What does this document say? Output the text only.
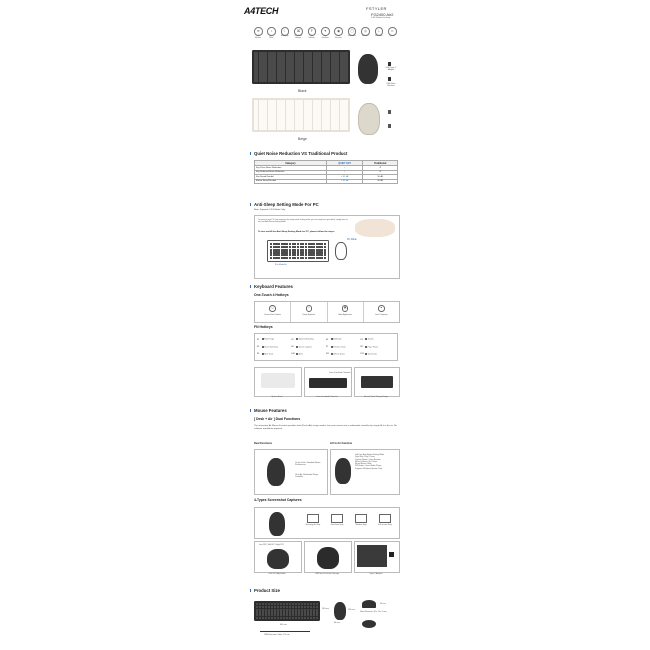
A4TECH	FSTYLER
FG2400 Air2
2.4G Wireless Desktop
≋
2.4G Wireless
♪
Quiet Noise
☾
Anti-Sleep
⌘
One-Touch Hotkeys
F
FN Hotkeys
✦
Laser Inscribed
◉
Dual Functions
▢
Screenshot
◎
2000 DPI
⏚
USB Nano
⊂
Type-C
USB Type-C Adapter
USB Nano Receiver
Black
Beige
Quiet Noise Reduction VS Traditional Product
Category	QUIET KEY	Traditional
Key Press Noise Reduction	✓	✗
Key Rebound Noise Reduction	✓	✗
Key Sound Decibel	< 41 dB	50 dB
Button Sound Decibel	< 41 dB	50 dB
Anti-Sleep Setting Mode For PC
Note: Supports 2.4G Mode Only
To prevent your PC from entering the sleep mode setting while you are away from your desk, simply turn on our new Anti-Sleep Setting Mode
To turn on/off the Anti-Sleep Setting Mode for PC, please follow the steps:
Pin Mode
Pin Mode/In
Keyboard Features
One-Touch 4 Hotkeys
▢
Screenshot Options
☺
Emoji Symbols
▣
Hide Application
🔒︎
Lock Computer
FN Hotkeys
F1	Home Page	F2	System Switching	F3	Bookmark	F4	Search
F5	Touch Switching	F6	Screen Capture	F7	Previous Track	F8	Play / Pause
F9	Next Track	F10 Mute	F11 Volume Down	F12 Volume Up
Laser Inscribed Character
Spacer Keep	Laser Inscribed Character	4-Level Quick Saving Design
Mouse Features
[ Desk + Air ] Dual Functions
The innovative Air Mouse Function provides dual (Desk+Air) usage modes, turn your mouse into a multimedia controller by simply lift it in the air. No software installation required.
Dual Functions	Lift In Air Function
On the Desk: Standard Mouse Performance
Lift in Air: Multimedia Player Controller
Left Key: Anti-Motion Setting Mode
Right Key: Play / Pause
Capture Button: Open Browser
Wheel: Volume Up / Down
Wheel Button: Mute
DPI Button: Open Media Player
Supports Windows System Only
4-Types Screenshot Captures
Rectangular Snip	Free-form Snip	Window Snip	Full-screen Snip
Low DPI / Mid DPI / High DPI
2000 DPI Adjustable	USB Nano Receiver Storage	Type-C Adapter
Product Size
145 mm
441 mm
USB Extension Cable: 150 cm
105 mm
64 mm
39 mm
Nano Receiver: 18 x 14 x 5 mm
